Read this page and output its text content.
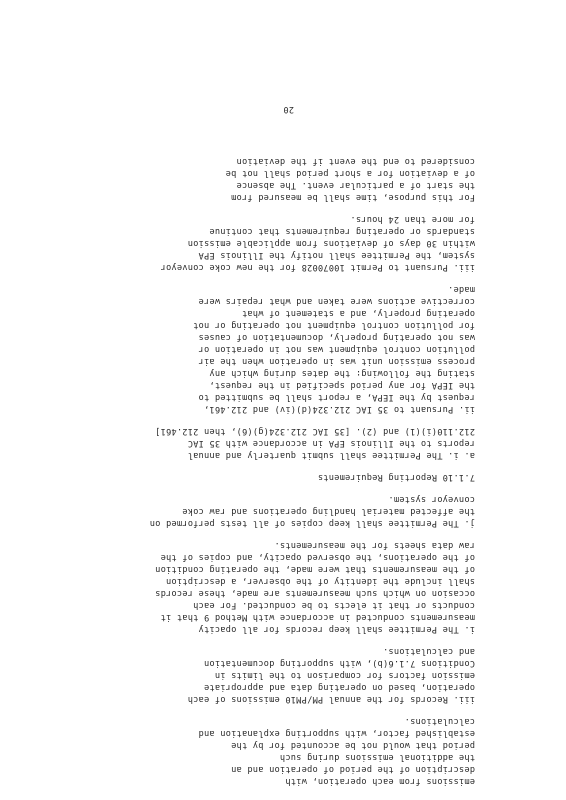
emissions from each operation, with
description of the period of operation and an
the additional emissions during such
period that would not be accounted for by the
established factor, with supporting explanation and
calculations.
iii. Records for the annual PM/PM10 emissions of each
operation, based on operating data and appropriate
emission factors for comparison to the limits in
Conditions 7.1.6(b), with supporting documentation
and calculations.
i. The Permittee shall keep records for all opacity
measurements conducted in accordance with Method 9 that it
conducts or that it elects to be conducted. For each
occasion on which such measurements are made, these records
shall include the identity of the observer, a description
of the measurements that were made, the operating condition
of the operations, the observed opacity, and copies of the
raw data sheets for the measurements.
j. The Permittee shall keep copies of all tests performed on
the affected material handling operations and raw coke
conveyor system.
7.1.10 Reporting Requirements
a. i. The Permittee shall submit quarterly and annual
reports to the Illinois EPA in accordance with 35 IAC
212.110(i)(1) and (2). [35 IAC 212.324(g)(6), then 212.461]
ii. Pursuant to 35 IAC 212.324(d)(iv) and 212.461,
request by the IEPA, a report shall be submitted to
the IEPA for any period specified in the request,
stating the following: the dates during which any
process emission unit was in operation when the air
pollution control equipment was not in operation or
was not operating properly, documentation of causes
for pollution control equipment not operating or not
operating properly, and a statement of what
corrective actions were taken and what repairs were
made.
iii. Pursuant to Permit 10070028 for the new coke conveyor
system, the Permittee shall notify the Illinois EPA
within 30 days of deviations from applicable emission
standards or operating requirements that continue
for more than 24 hours.
For this purpose, time shall be measured from
the start of a particular event. The absence
of a deviation for a short period shall not be
considered to end the event if the deviation
20
